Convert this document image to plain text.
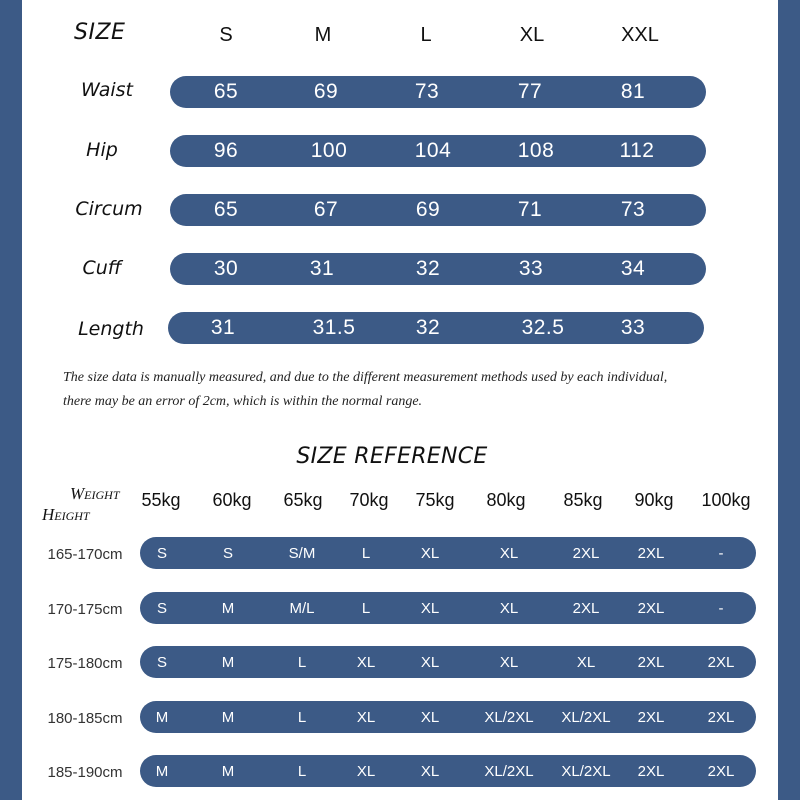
SIZE	S	M	L	XL	XXL
Waist	65	69	73	77	81
Hip	96	100	104	108	112
Circum	65	67	69	71	73
Cuff	30	31	32	33	34
Length	31	31.5	32	32.5	33
The size data is manually measured, and due to the different measurement methods used by each individual,
there may be an error of 2cm, which is within the normal range.
SIZE REFERENCE
Weight
Height
55kg 60kg 65kg 70kg 75kg 80kg 85kg 90kg 100kg
165-170cm S	S	S/M	L	XL	XL	2XL	2XL	-
170-175cm S	M	M/L	L	XL	XL	2XL	2XL	-
175-180cm S	M	L	XL	XL	XL	XL	2XL	2XL
180-185cm M	M	L	XL	XL	XL/2XL XL/2XL 2XL	2XL
185-190cm M	M	L	XL	XL	XL/2XL XL/2XL 2XL	2XL
